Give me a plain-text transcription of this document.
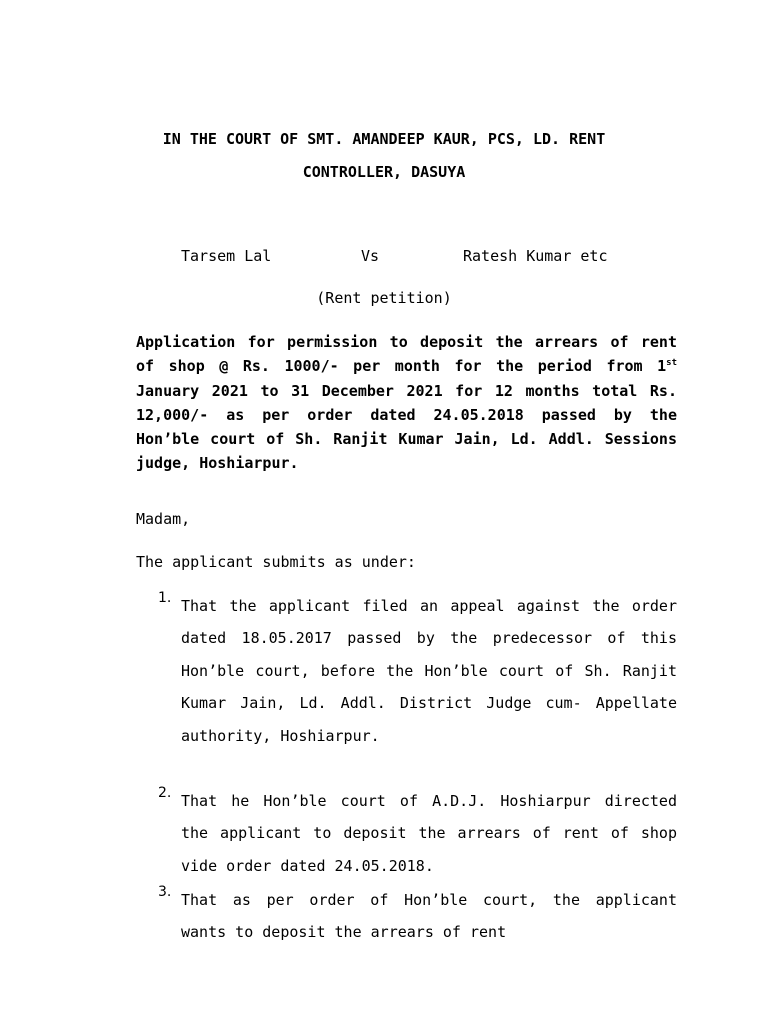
IN THE COURT OF SMT. AMANDEEP KAUR, PCS, LD. RENT
CONTROLLER, DASUYA
Tarsem Lal	Vs	Ratesh Kumar etc
(Rent petition)

Application for permission to deposit the arrears of rent of shop @ Rs. 1000/- per month for the period from 1st January 2021 to 31 December 2021 for 12 months total Rs. 12,000/- as per order dated 24.05.2018 passed by the Hon’ble court of Sh. Ranjit Kumar Jain, Ld. Addl. Sessions judge, Hoshiarpur.

Madam,
The applicant submits as under:
1. That the applicant filed an appeal against the order dated 18.05.2017 passed by the predecessor of this Hon’ble court, before the Hon’ble court of Sh. Ranjit Kumar Jain, Ld. Addl. District Judge cum- Appellate authority, Hoshiarpur.

2. That he Hon’ble court of A.D.J. Hoshiarpur directed the applicant to deposit the arrears of rent of shop vide order dated 24.05.2018.

3. That as per order of Hon’ble court, the applicant wants to deposit the arrears of rent
